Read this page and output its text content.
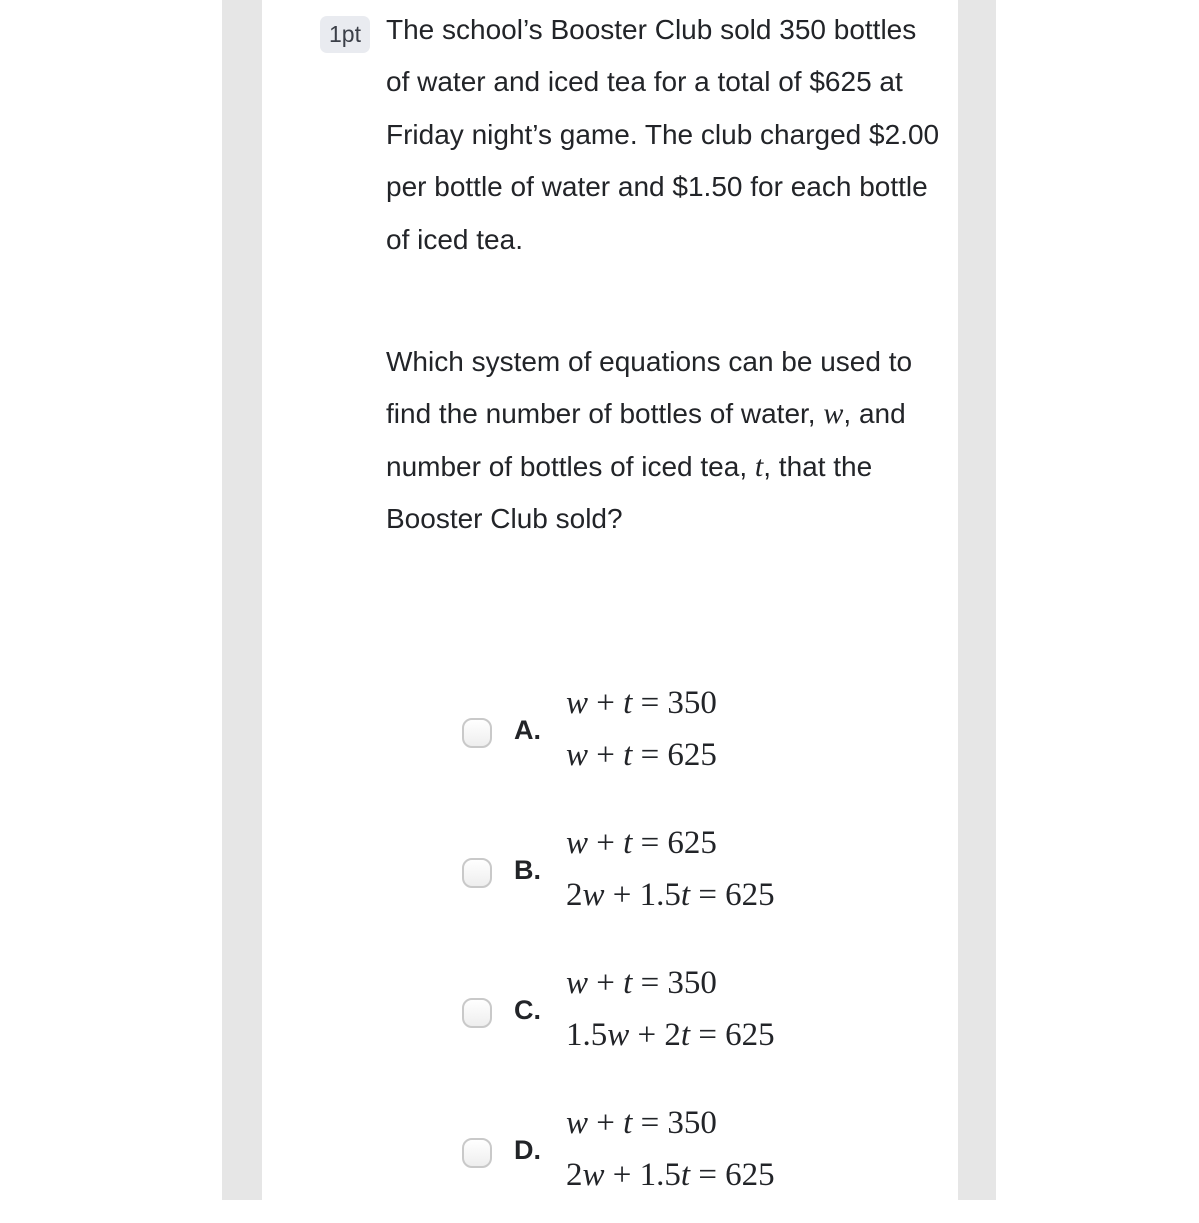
1pt The school’s Booster Club sold 350 bottles of water and iced tea for a total of $625 at Friday night’s game. The club charged $2.00 per bottle of water and $1.50 for each bottle of iced tea.

Which system of equations can be used to find the number of bottles of water, w, and number of bottles of iced tea, t, that the Booster Club sold?

A.
w + t = 350
w + t = 625
B.
w + t = 625
2w + 1.5t = 625
C.
w + t = 350
1.5w + 2t = 625
D.
w + t = 350
2w + 1.5t = 625
